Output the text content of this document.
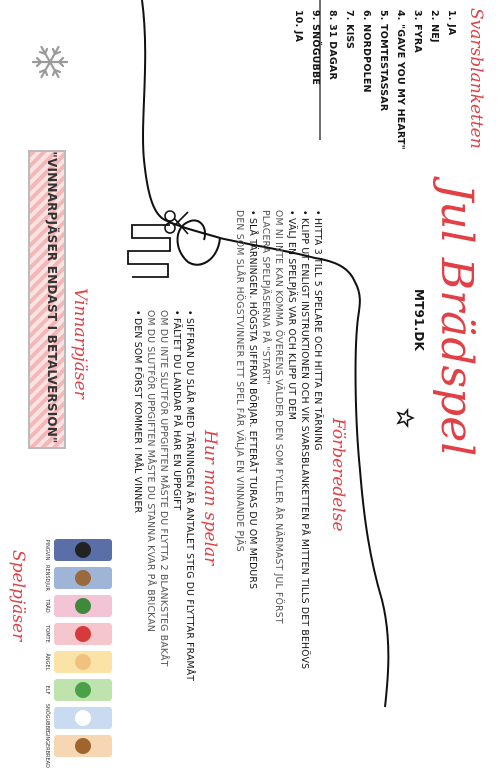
Jul Brädspel
MT91.DK
Svarsblanketten
1. JA
2. NEJ
3. FYRA
4. "GAVE YOU MY HEART"
5. TOMTESTASSAR
6. NORDPOLEN
7. KISS
8. 31 DAGAR
9. SNÖGUBBE
10. JA
Förberedelse
• HITTA 3 TILL 5 SPELARE OCH HITTA EN TÄRNING
• KLIPP UT ENLIGT INSTRUKTIONEN OCH VIK SVARSBLANKETTEN PÅ MITTEN TILLS DET BEHÖVS
• VÄLJ EN SPELPJÄS VAR OCH KLIPP UT DEM
OM NI INTE KAN KOMMA ÖVERENS VÄLDER DEN SOM FYLLER ÅR NÄRMAST JUL FÖRST
PLACERA SPELPJÄSERNA PÅ "START"
• SLÅ TÄRNINGEN. HÖGSTA SIFFRAN BÖRJAR. EFTERÅT TURAS DU OM MEDURS
DEN SOM SLÅR HÖGSTVINNER ETT SPEL FÅR VÄLJA EN VINNANDE PJÄS
Hur man spelar
• SIFFRAN DU SLÅR MED TÄRNINGEN ÄR ANTALET STEG DU FLYTTAR FRAMÅT
• FÄLTET DU LANDAR PÅ HAR EN UPPGIFT
OM DU INTE SLUTFÖR UPPGIFTEN MÅSTE DU FLYTTA 2 BLANKSTEG BAKÅT
OM DU SLUTFÖR UPPGIFTEN MÅSTE DU STANNA KVAR PÅ BRICKAN
• DEN SOM FÖRST KOMMER I MÅL VINNER
Spelpjäser	PINGVIN
RENSDJUR
TRÄD
TOMTE
ÄNGEL
ELF
SNÖGUBBE
GINGERBREAD
Vinnarpjäser
"VINNARPJÄSER ENDAST I BETALVERSION"
